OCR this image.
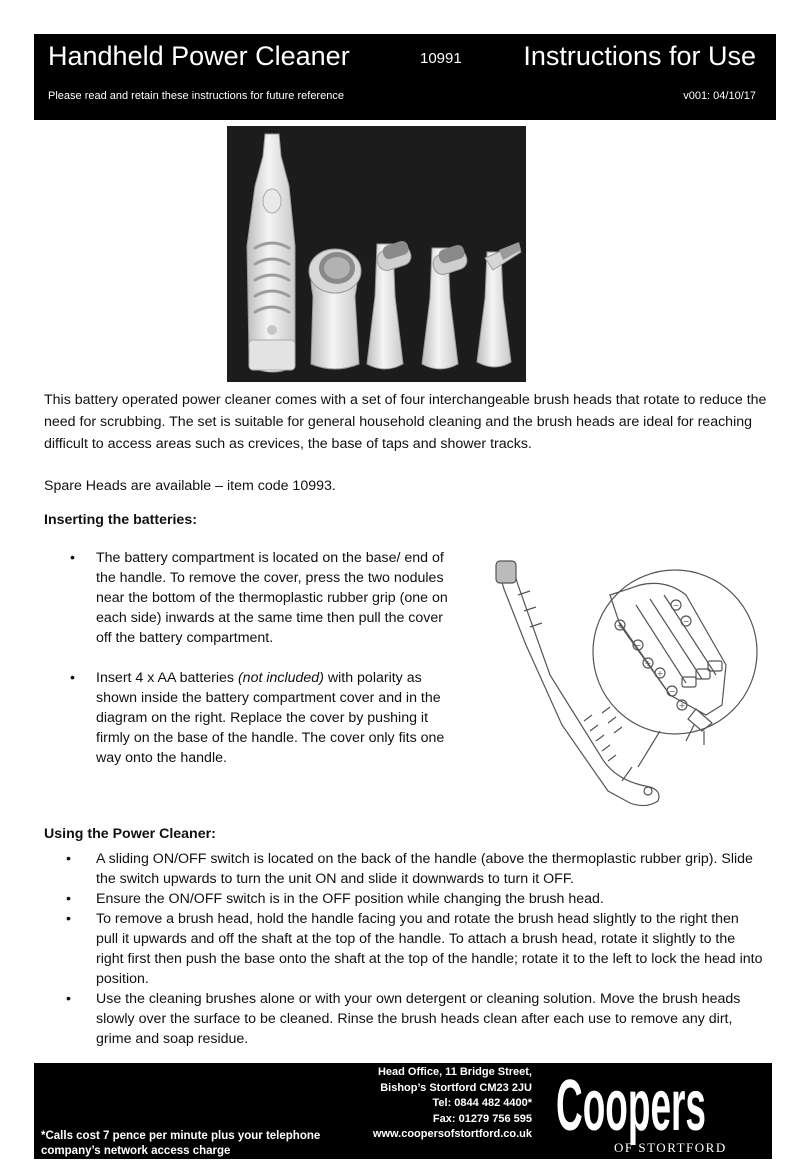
Handheld Power Cleaner	10991 Instructions for Use
Please read and retain these instructions for future reference	v001: 04/10/17

This battery operated power cleaner comes with a set of four interchangeable brush heads that rotate to reduce the need for scrubbing. The set is suitable for general household cleaning and the brush heads are ideal for reaching difficult to access areas such as crevices, the base of taps and shower tracks.

Spare Heads are available – item code 10993.

Inserting the batteries:

• The battery compartment is located on the base/ end of the handle. To remove the cover, press the two nodules near the bottom of the thermoplastic rubber grip (one on each side) inwards at the same time then pull the cover off the battery compartment.
• Insert 4 x AA batteries (not included) with polarity as shown inside the battery compartment cover and in the diagram on the right. Replace the cover by pushing it firmly on the base of the handle. The cover only fits one way onto the handle.
+
−
+
−
−
+
−
+

Using the Power Cleaner:

• A sliding ON/OFF switch is located on the back of the handle (above the thermoplastic rubber grip). Slide the switch upwards to turn the unit ON and slide it downwards to turn it OFF.
• Ensure the ON/OFF switch is in the OFF position while changing the brush head.
• To remove a brush head, hold the handle facing you and rotate the brush head slightly to the right then pull it upwards and off the shaft at the top of the handle. To attach a brush head, rotate it slightly to the right first then push the base onto the shaft at the top of the handle; rotate it to the left to lock the head into position.
• Use the cleaning brushes alone or with your own detergent or cleaning solution. Move the brush heads slowly over the surface to be cleaned. Rinse the brush heads clean after each use to remove any dirt, grime and soap residue.

Head Office, 11 Bridge Street,
Bishop’s Stortford CM23 2JU
Tel: 0844 482 4400*
Fax: 01279 756 595
www.coopersofstortford.co.uk

*Calls cost 7 pence per minute plus your telephone company’s network access charge

Coopers
OF STORTFORD
